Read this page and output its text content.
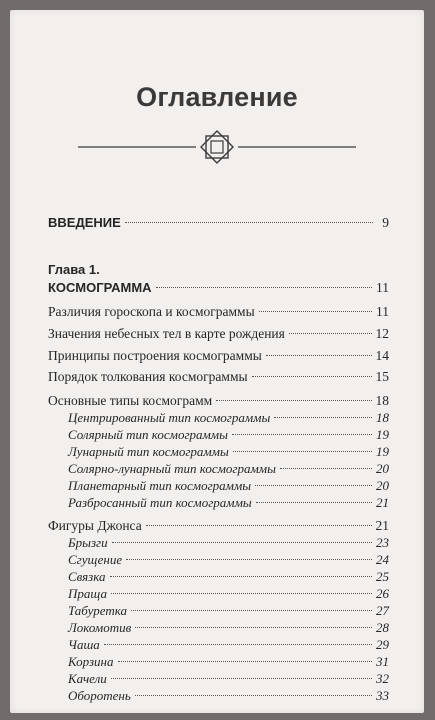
Оглавление
ВВЕДЕНИЕ	9
Глава 1.
КОСМОГРАММА	11
Различия гороскопа и космограммы	11
Значения небесных тел в карте рождения	12
Принципы построения космограммы	14
Порядок толкования космограммы	15
Основные типы космограмм	18
Центрированный тип космограммы	18
Солярный тип космограммы	19
Лунарный тип космограммы	19
Солярно-лунарный тип космограммы	20
Планетарный тип космограммы	20
Разбросанный тип космограммы	21
Фигуры Джонса	21
Брызги	23
Сгущение	24
Связка	25
Праща	26
Табуретка	27
Локомотив	28
Чаша	29
Корзина	31
Качели	32
Оборотень	33
